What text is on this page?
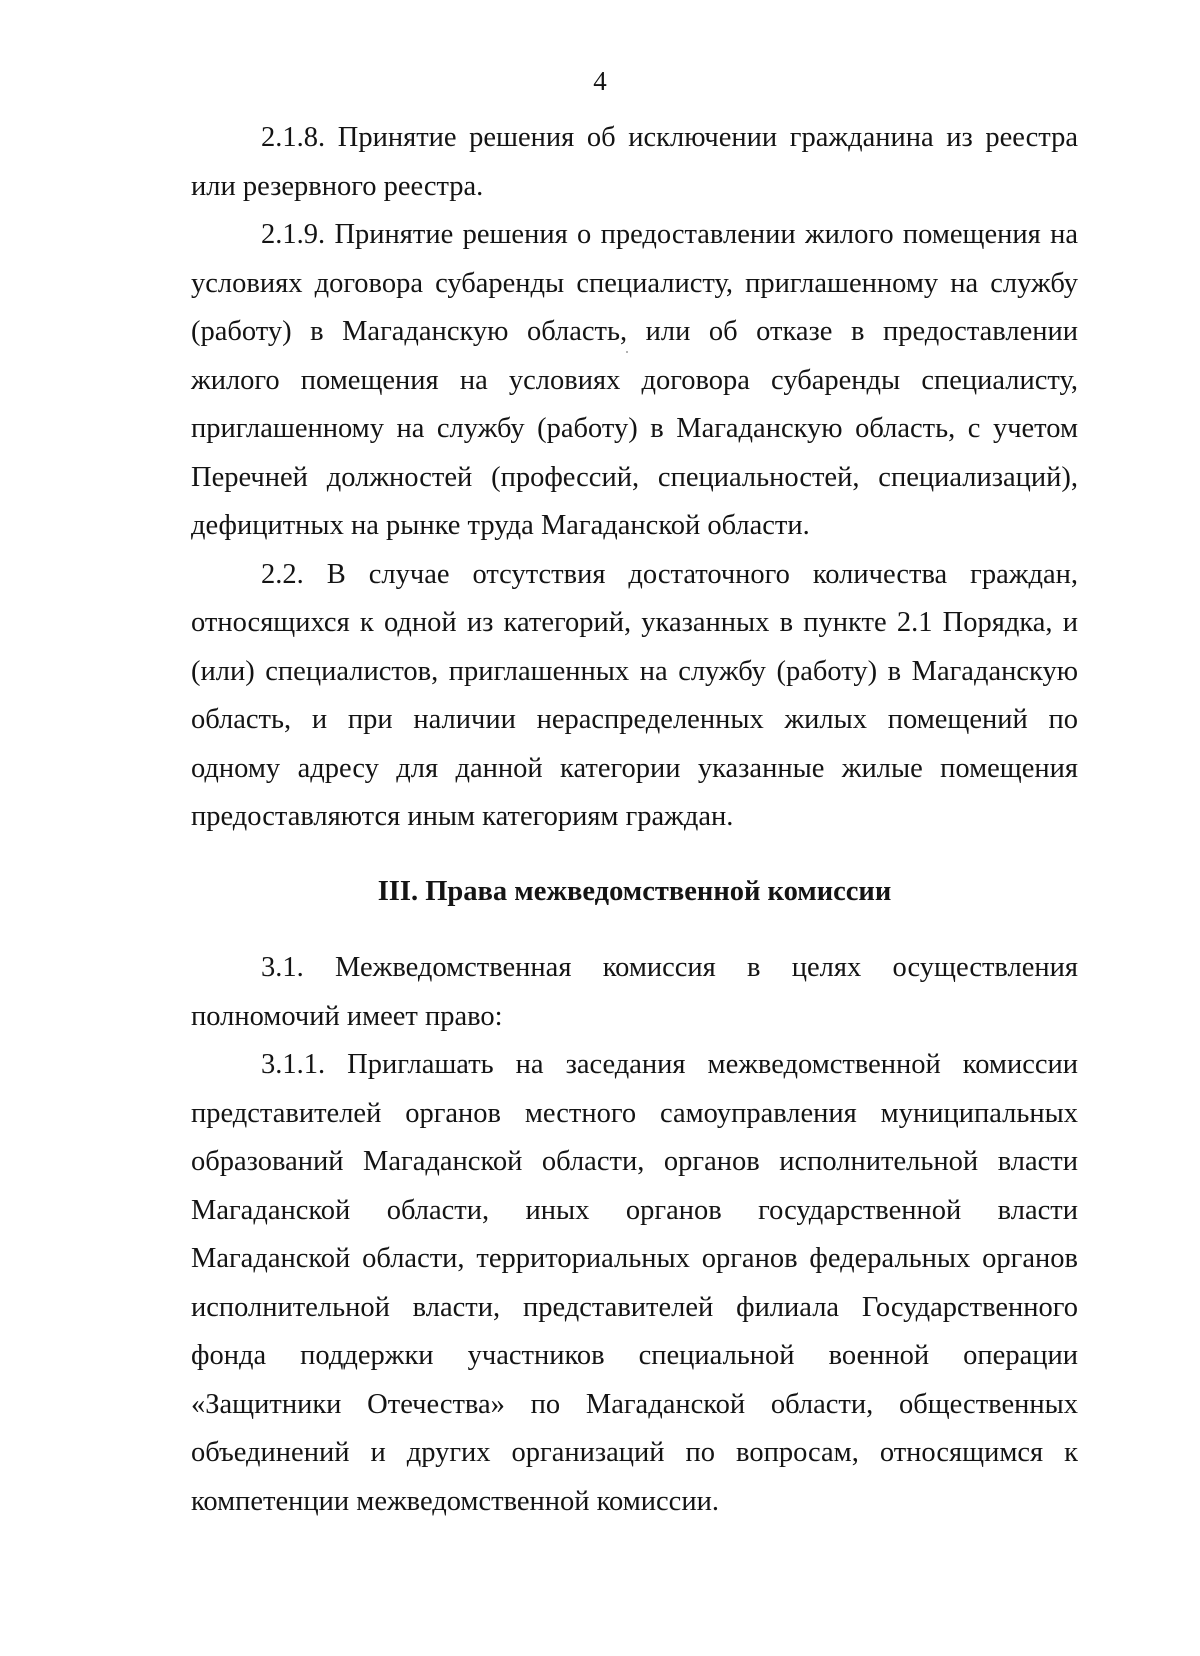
4

2.1.8. Принятие решения об исключении гражданина из реестра или резервного реестра.

2.1.9. Принятие решения о предоставлении жилого помещения на условиях договора субаренды специалисту, приглашенному на службу (работу) в Магаданскую область, или об отказе в предоставлении жилого помещения на условиях договора субаренды специалисту, приглашенному на службу (работу) в Магаданскую область, с учетом Перечней должностей (профессий, специальностей, специализаций), дефицитных на рынке труда Магаданской области.

2.2. В случае отсутствия достаточного количества граждан, относящихся к одной из категорий, указанных в пункте 2.1 Порядка, и (или) специалистов, приглашенных на службу (работу) в Магаданскую область, и при наличии нераспределенных жилых помещений по одному адресу для данной категории указанные жилые помещения предоставляются иным категориям граждан.

III. Права межведомственной комиссии

3.1. Межведомственная комиссия в целях осуществления полномочий имеет право:

3.1.1. Приглашать на заседания межведомственной комиссии представителей органов местного самоуправления муниципальных образований Магаданской области, органов исполнительной власти Магаданской области, иных органов государственной власти Магаданской области, территориальных органов федеральных органов исполнительной власти, представителей филиала Государственного фонда поддержки участников специальной военной операции «Защитники Отечества» по Магаданской области, общественных объединений и других организаций по вопросам, относящимся к компетенции межведомственной комиссии.
